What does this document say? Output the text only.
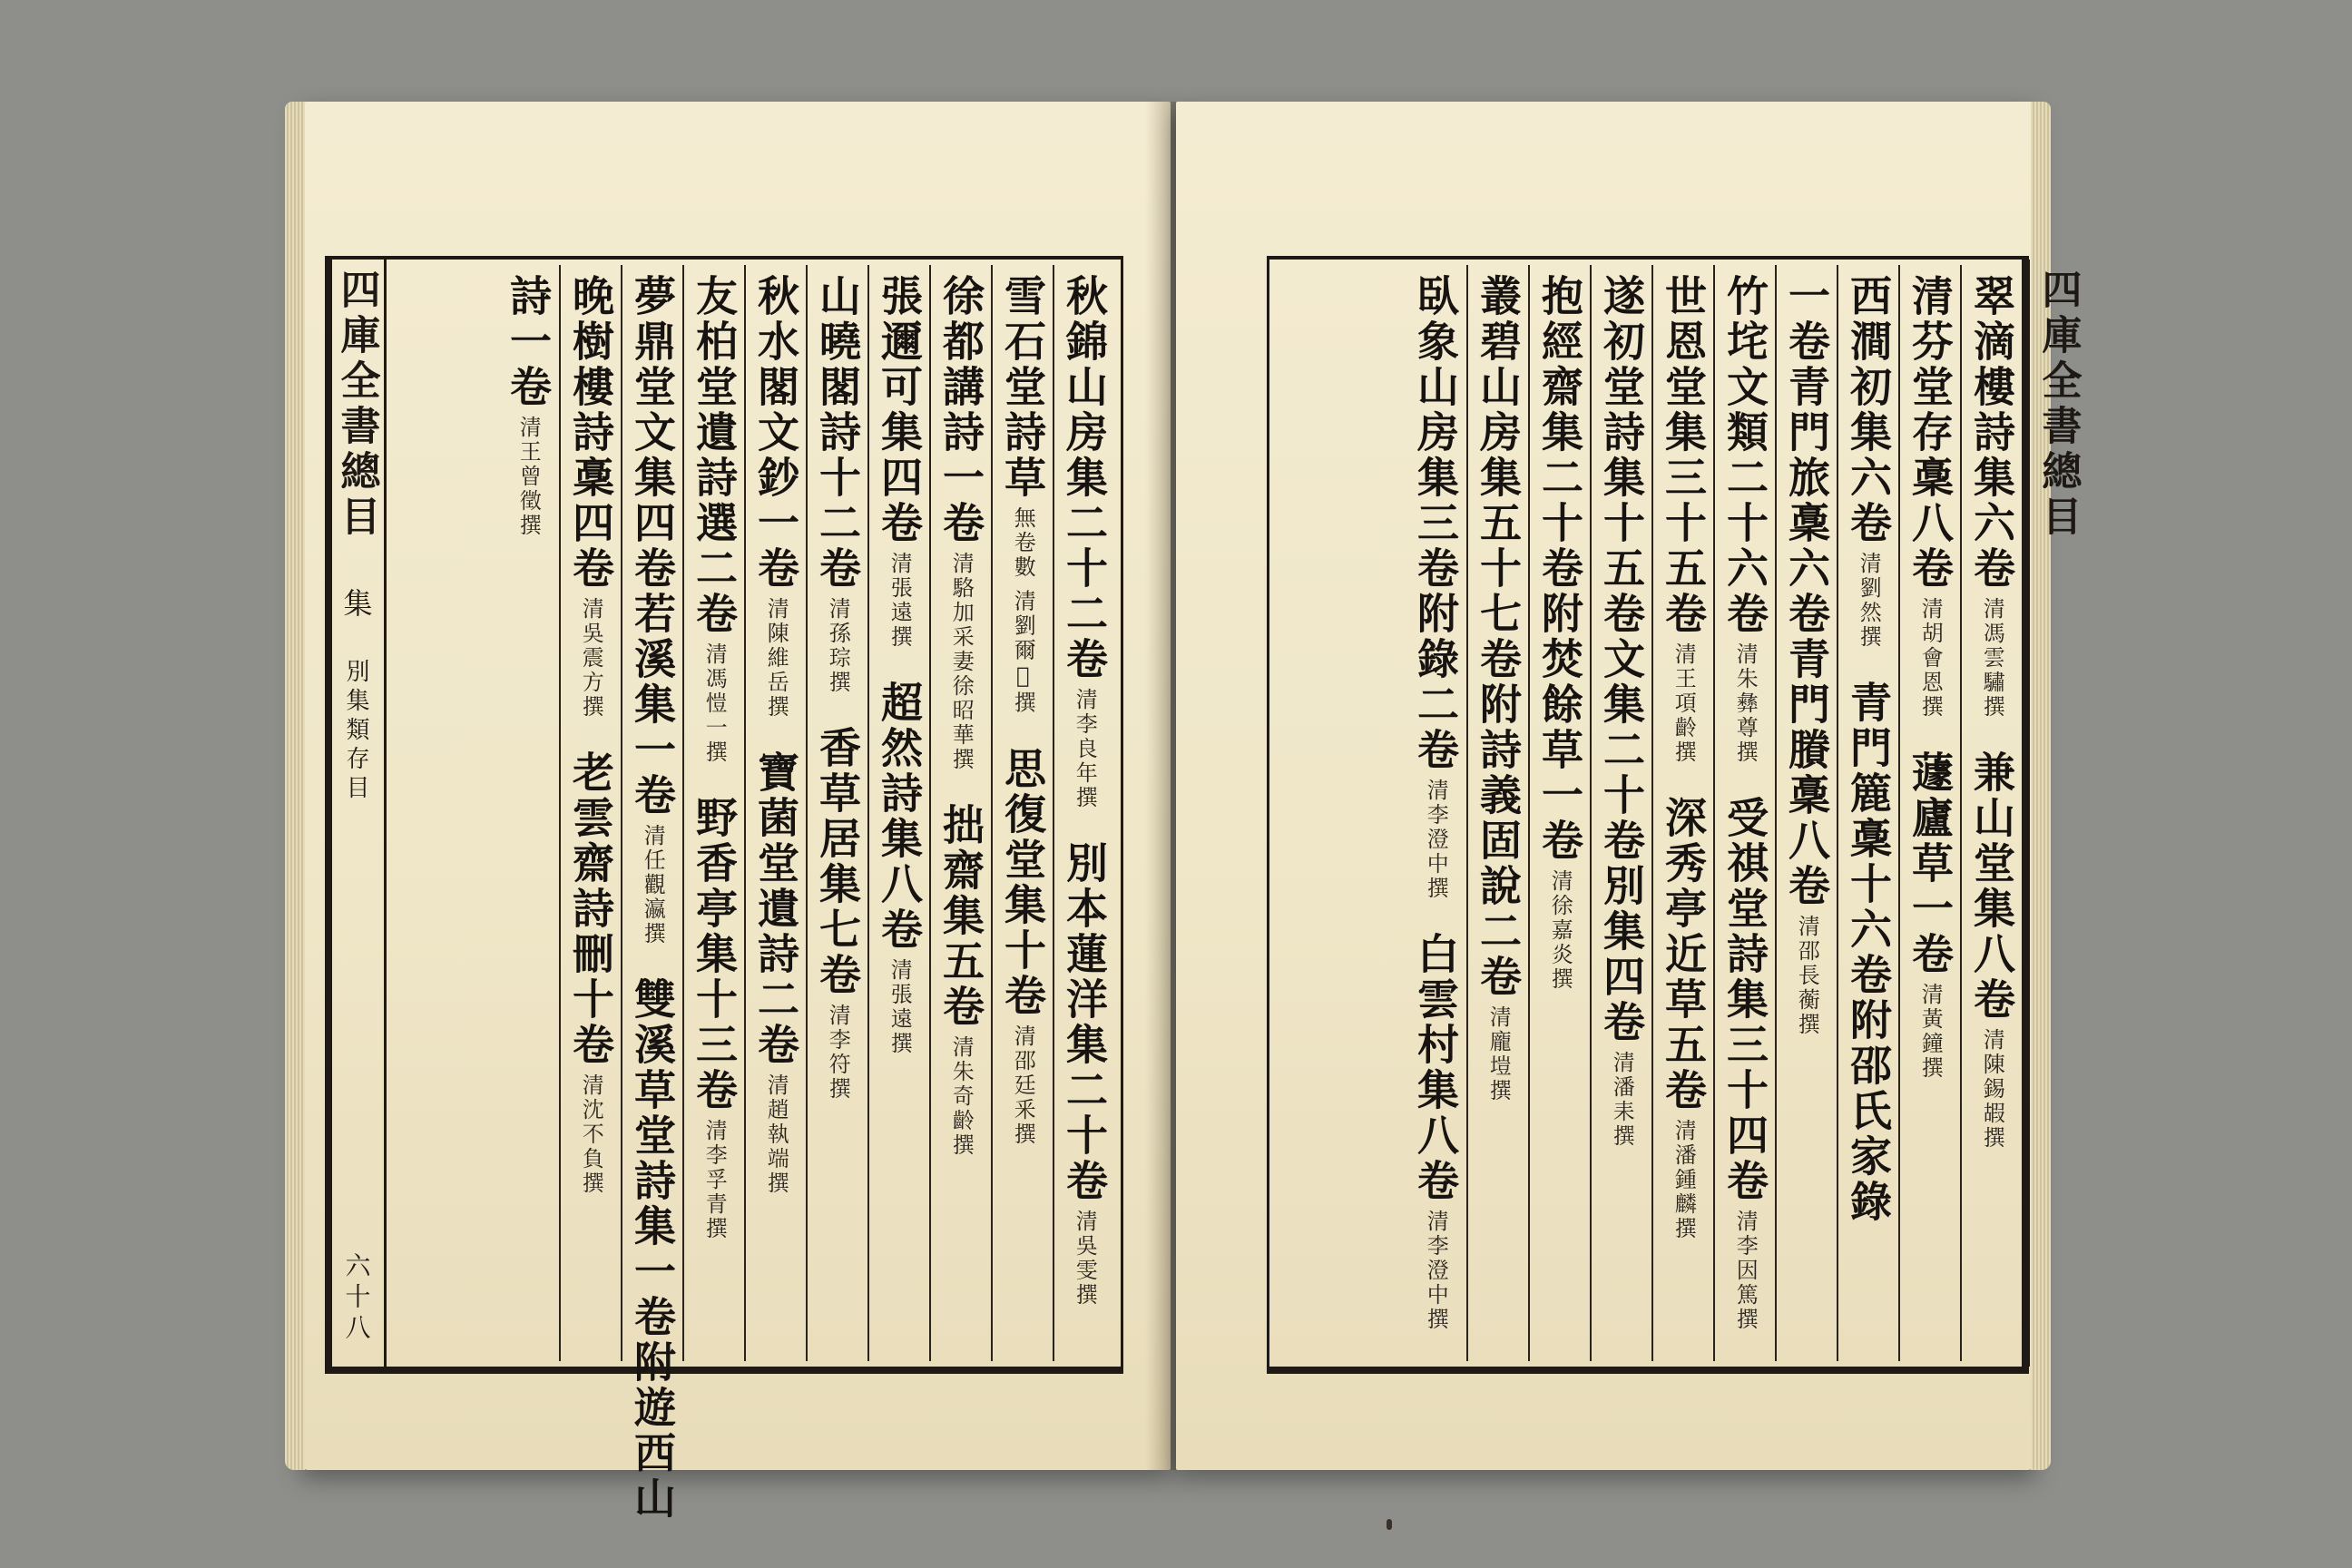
四庫全書總目
集
別集類存目
六十八
秋錦山房集二十二卷
清李良年撰
別本蓮洋集二十卷
清吳雯撰
雪石堂詩草
無卷數 清劉爾𢗅撰
思復堂集十卷
清邵廷釆撰
徐都講詩一卷
清駱加采妻徐昭華撰
拙齋集五卷
清朱奇齡撰
張邇可集四卷
清張遠撰
超然詩集八卷
清張遠撰
山曉閣詩十二卷
清孫琮撰
香草居集七卷
清李符撰
秋水閣文鈔一卷
清陳維岳撰
寶菌堂遺詩二卷
清趙執端撰
友柏堂遺詩選二卷
清馮愷一撰
野香亭集十三卷
清李孚青撰
夢鼎堂文集四卷若溪集一卷
清任觀瀛撰
雙溪草堂詩集一卷附遊西山
晚樹樓詩稾四卷
清吳震方撰
老雲齋詩刪十卷
清沈不負撰
詩一卷
清王曾徵撰	四庫全書總目
翠滴樓詩集六卷
清馮雲驌撰
兼山堂集八卷
清陳錫嘏撰
清芬堂存稾八卷
清胡會恩撰
蘧廬草一卷
清黃鐘撰
西澗初集六卷
清劉然撰
青門簏稾十六卷附邵氏家錄
一卷青門旅稾六卷青門賸稾八卷
清邵長蘅撰
竹垞文類二十六卷
清朱彝尊撰
受祺堂詩集三十四卷
清李因篤撰
世恩堂集三十五卷
清王項齡撰
深秀亭近草五卷
清潘鍾麟撰
遂初堂詩集十五卷文集二十卷別集四卷
清潘耒撰
抱經齋集二十卷附焚餘草一卷
清徐嘉炎撰
叢碧山房集五十七卷附詩義固說二卷
清龐塏撰
臥象山房集三卷附錄二卷
清李澄中撰
白雲村集八卷
清李澄中撰
